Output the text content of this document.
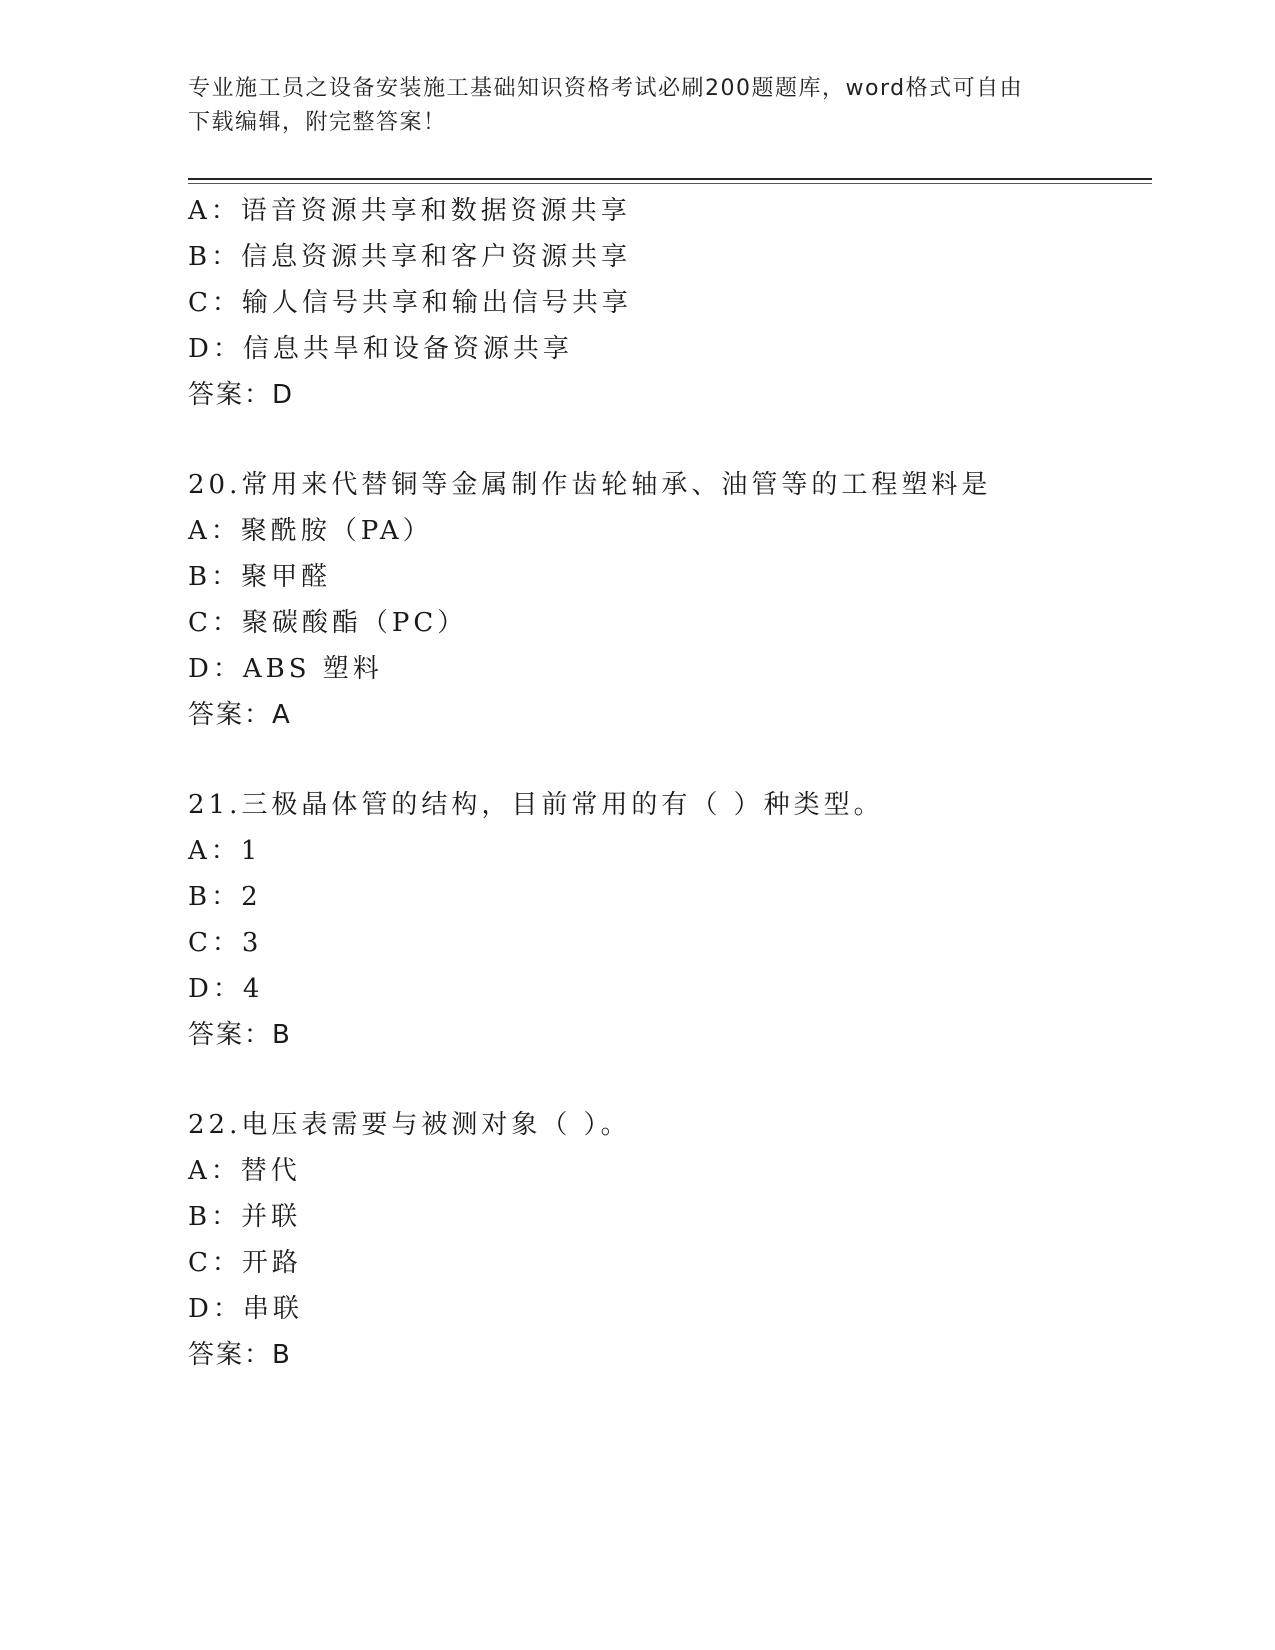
专业施工员之设备安装施工基础知识资格考试必刷200题题库，word格式可自由
下载编辑，附完整答案！
A：语音资源共享和数据资源共享
B：信息资源共享和客户资源共享
C：输人信号共享和输出信号共享
D：信息共旱和设备资源共享
答案：D
20.常用来代替铜等金属制作齿轮轴承、油管等的工程塑料是
A：聚酰胺（PA）
B：聚甲醛
C：聚碳酸酯（PC）
D：ABS 塑料
答案：A
21.三极晶体管的结构，目前常用的有（ ）种类型。
A：1
B：2
C：3
D：4
答案：B
22.电压表需要与被测对象（ ）。
A：替代
B：并联
C：开路
D：串联
答案：B
